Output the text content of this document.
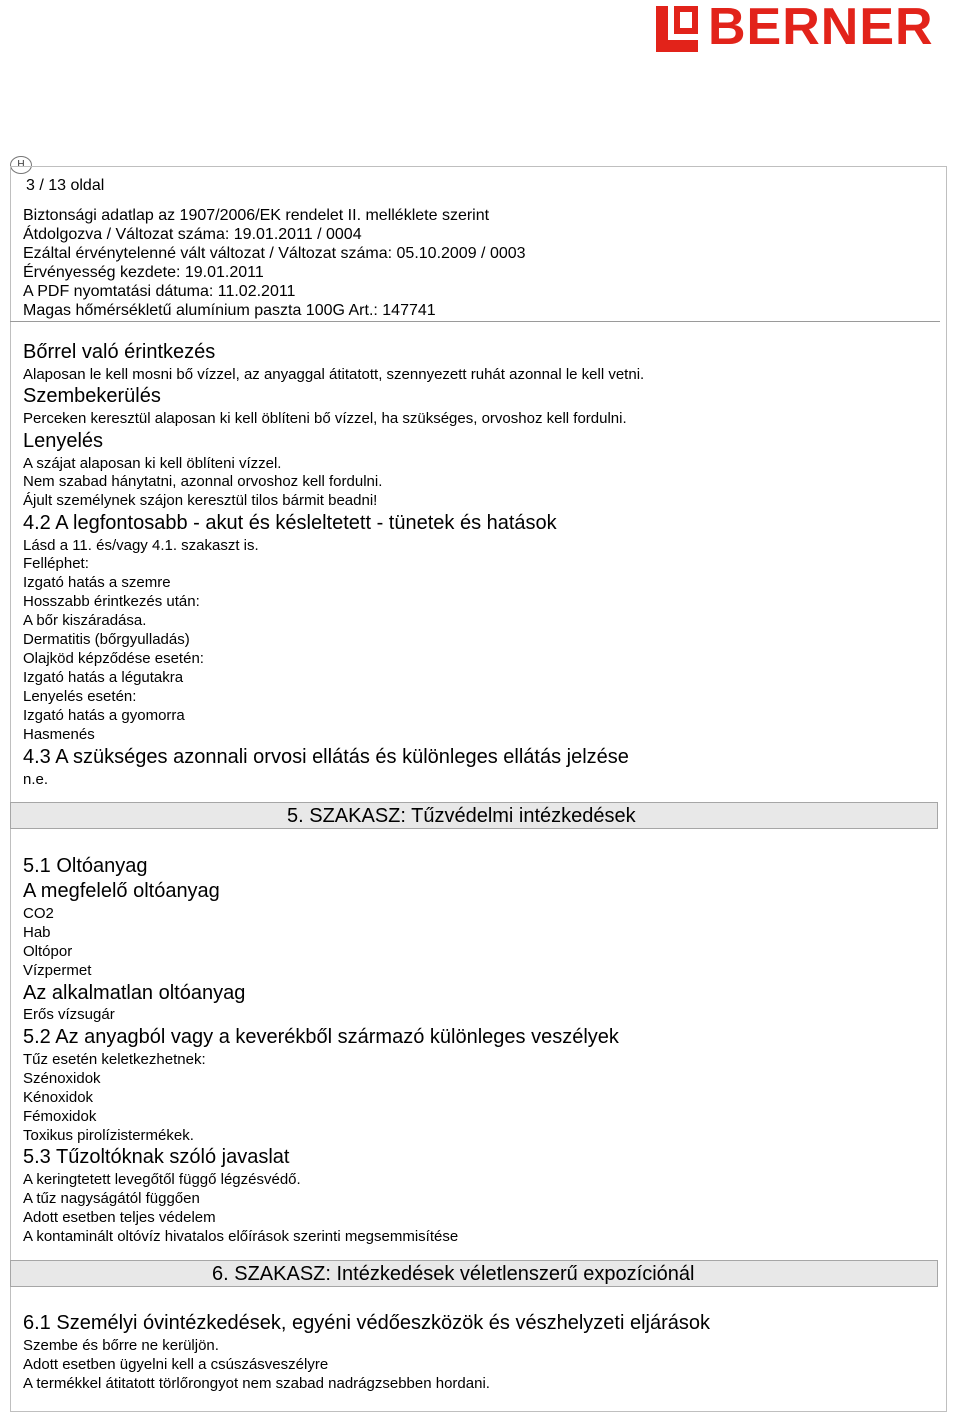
BERNER
H
3 / 13 oldal
Biztonsági adatlap az 1907/2006/EK rendelet II. melléklete szerint
Átdolgozva / Változat száma: 19.01.2011 / 0004
Ezáltal érvénytelenné vált változat / Változat száma: 05.10.2009 / 0003
Érvényesség kezdete: 19.01.2011
A PDF nyomtatási dátuma: 11.02.2011
Magas hőmérsékletű alumínium paszta 100G Art.: 147741
Bőrrel való érintkezés
Alaposan le kell mosni bő vízzel, az anyaggal átitatott, szennyezett ruhát azonnal le kell vetni.
Szembekerülés
Perceken keresztül alaposan ki kell öblíteni bő vízzel, ha szükséges, orvoshoz kell fordulni.
Lenyelés
A szájat alaposan ki kell öblíteni vízzel.
Nem szabad hánytatni, azonnal orvoshoz kell fordulni.
Ájult személynek szájon keresztül tilos bármit beadni!
4.2 A legfontosabb - akut és késleltetett - tünetek és hatások
Lásd a 11. és/vagy 4.1. szakaszt is.
Felléphet:
Izgató hatás a szemre
Hosszabb érintkezés után:
A bőr kiszáradása.
Dermatitis (bőrgyulladás)
Olajköd képződése esetén:
Izgató hatás a légutakra
Lenyelés esetén:
Izgató hatás a gyomorra
Hasmenés
4.3 A szükséges azonnali orvosi ellátás és különleges ellátás jelzése
n.e.
5. SZAKASZ: Tűzvédelmi intézkedések
5.1 Oltóanyag
A megfelelő oltóanyag
CO2
Hab
Oltópor
Vízpermet
Az alkalmatlan oltóanyag
Erős vízsugár
5.2 Az anyagból vagy a keverékből származó különleges veszélyek
Tűz esetén keletkezhetnek:
Szénoxidok
Kénoxidok
Fémoxidok
Toxikus pirolízistermékek.
5.3 Tűzoltóknak szóló javaslat
A keringtetett levegőtől függő légzésvédő.
A tűz nagyságától függően
Adott esetben teljes védelem
A kontaminált oltóvíz hivatalos előírások szerinti megsemmisítése
6. SZAKASZ: Intézkedések véletlenszerű expozíciónál
6.1 Személyi óvintézkedések, egyéni védőeszközök és vészhelyzeti eljárások
Szembe és bőrre ne kerüljön.
Adott esetben ügyelni kell a csúszásveszélyre
A termékkel átitatott törlőrongyot nem szabad nadrágzsebben hordani.
